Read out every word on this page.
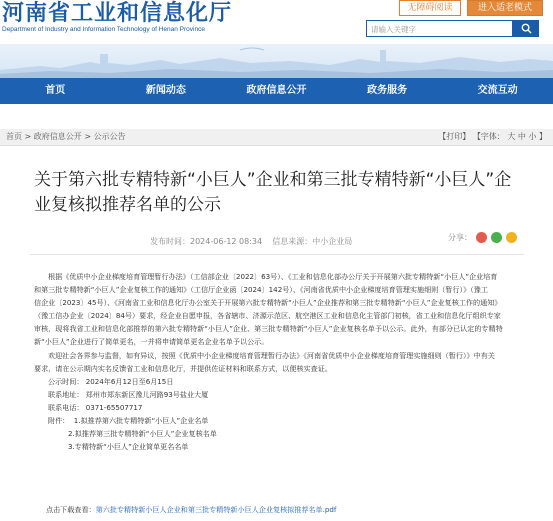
河南省工业和信息化厅
Department of Industry and Information Technology of Henan Province
无障碍阅读	进入适老模式
请输入关键字
首页	新闻动态	政府信息公开	政务服务	交流互动
首页 > 政府信息公开 > 公示公告	【打印】 【字体： 大 中 小 】
关于第六批专精特新“小巨人”企业和第三批专精特新“小巨人”企业复核拟推荐名单的公示
发布时间：2024-06-12 08:34 信息来源：中小企业局	分享：

根据《优质中小企业梯度培育管理暂行办法》（工信部企业〔2022〕63号）、《工业和信息化部办公厅关于开展第六批专精特新“小巨人”企业培育

和第三批专精特新“小巨人”企业复核工作的通知》（工信厅企业函〔2024〕142号）、《河南省优质中小企业梯度培育管理实施细则（暂行）》（豫工

信企业〔2023〕45号）、《河南省工业和信息化厅办公室关于开展第六批专精特新“小巨人”企业推荐和第三批专精特新“小巨人”企业复核工作的通知》

（豫工信办企业〔2024〕84号）要求，经企业自愿申报，各省辖市、济源示范区、航空港区工业和信息化主管部门初核，省工业和信息化厅组织专家

审核，现将我省工业和信息化部推荐的第六批专精特新“小巨人”企业、第三批专精特新“小巨人”企业复核名单予以公示。此外，有部分已认定的专精特

新“小巨人”企业进行了简单更名，一并将申请简单更名企业名单予以公示。

欢迎社会各界参与监督，如有异议，按照《优质中小企业梯度培育管理暂行办法》《河南省优质中小企业梯度培育管理实施细则（暂行）》中有关

要求，请在公示期内实名反馈省工业和信息化厅，并提供佐证材料和联系方式，以便核实查证。

公示时间： 2024年6月12日至6月15日

联系地址： 郑州市郑东新区豫儿河路93号盐业大厦

联系电话： 0371-65507717

附件： 1.拟推荐第六批专精特新“小巨人”企业名单

2.拟推荐第三批专精特新“小巨人”企业复核名单

3.专精特新“小巨人”企业简单更名名单

点击下载查看：第六批专精特新小巨人企业和第三批专精特新小巨人企业复核拟推荐名单.pdf
